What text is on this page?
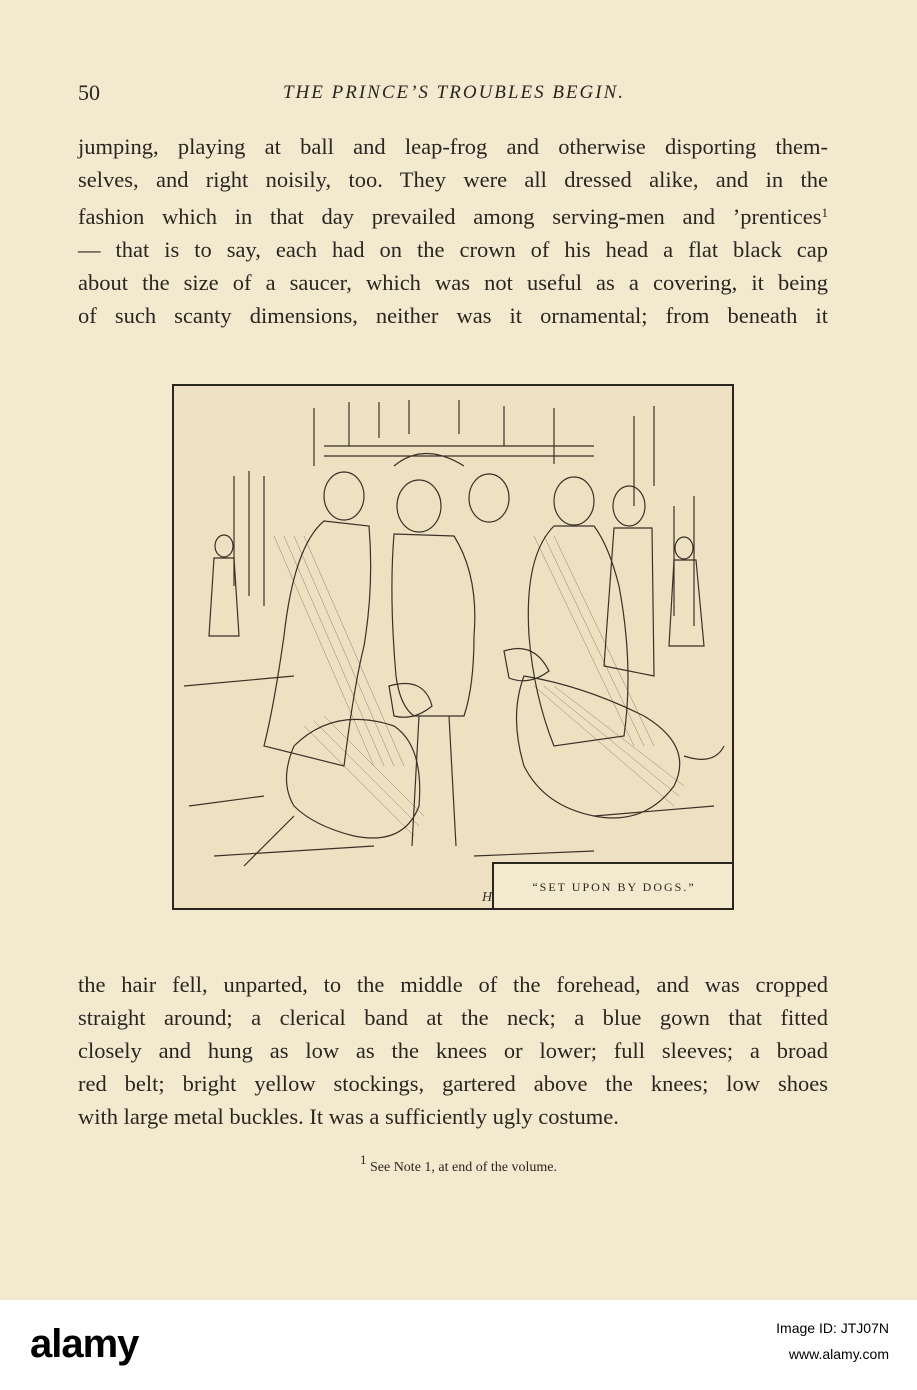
50	THE PRINCE’S TROUBLES BEGIN.
jumping, playing at ball and leap-frog and otherwise disporting them-
selves, and right noisily, too. They were all dressed alike, and in the
fashion which in that day prevailed among serving-men and ’prentices$^1$
— that is to say, each had on the crown of his head a flat black cap
about the size of a saucer, which was not useful as a covering, it being
of such scanty dimensions, neither was it ornamental; from beneath it
H
“SET UPON BY DOGS.”
the hair fell, unparted, to the middle of the forehead, and was cropped
straight around; a clerical band at the neck; a blue gown that fitted
closely and hung as low as the knees or lower; full sleeves; a broad
red belt; bright yellow stockings, gartered above the knees; low shoes
with large metal buckles. It was a sufficiently ugly costume.
$^1$ See Note 1, at end of the volume.
alamy	Image ID: JTJ07N
www.alamy.com
